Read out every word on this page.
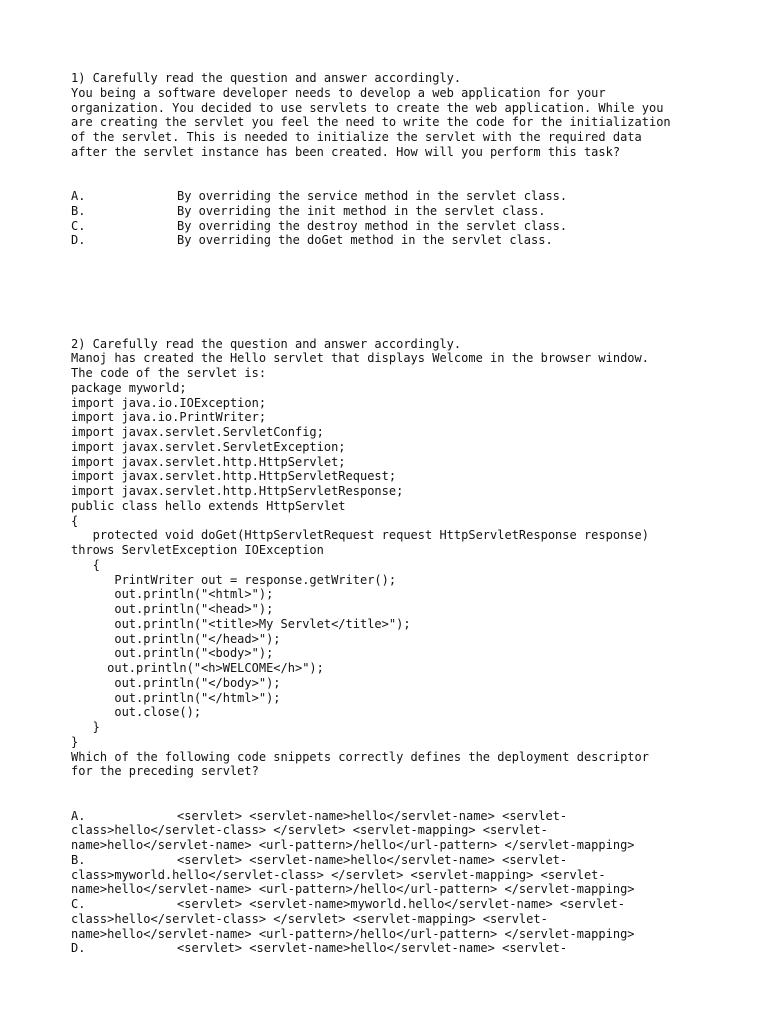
1) Carefully read the question and answer accordingly.
You being a software developer needs to develop a web application for your
organization. You decided to use servlets to create the web application. While you
are creating the servlet you feel the need to write the code for the initialization
of the servlet. This is needed to initialize the servlet with the required data
after the servlet instance has been created. How will you perform this task?
A.	By overriding the service method in the servlet class.
B.	By overriding the init method in the servlet class.
C.	By overriding the destroy method in the servlet class.
D.	By overriding the doGet method in the servlet class.
2) Carefully read the question and answer accordingly.
Manoj has created the Hello servlet that displays Welcome in the browser window.
The code of the servlet is:
package myworld;
import java.io.IOException;
import java.io.PrintWriter;
import javax.servlet.ServletConfig;
import javax.servlet.ServletException;
import javax.servlet.http.HttpServlet;
import javax.servlet.http.HttpServletRequest;
import javax.servlet.http.HttpServletResponse;
public class hello extends HttpServlet
{
protected void doGet(HttpServletRequest request HttpServletResponse response)
throws ServletException IOException
{
PrintWriter out = response.getWriter();
out.println("<html>");
out.println("<head>");
out.println("<title>My Servlet</title>");
out.println("</head>");
out.println("<body>");
out.println("<h>WELCOME</h>");
out.println("</body>");
out.println("</html>");
out.close();
}
}
Which of the following code snippets correctly defines the deployment descriptor
for the preceding servlet?
A.	<servlet> <servlet-name>hello</servlet-name> <servlet-
class>hello</servlet-class> </servlet> <servlet-mapping> <servlet-
name>hello</servlet-name> <url-pattern>/hello</url-pattern> </servlet-mapping>
B.	<servlet> <servlet-name>hello</servlet-name> <servlet-
class>myworld.hello</servlet-class> </servlet> <servlet-mapping> <servlet-
name>hello</servlet-name> <url-pattern>/hello</url-pattern> </servlet-mapping>
C.	<servlet> <servlet-name>myworld.hello</servlet-name> <servlet-
class>hello</servlet-class> </servlet> <servlet-mapping> <servlet-
name>hello</servlet-name> <url-pattern>/hello</url-pattern> </servlet-mapping>
D.	<servlet> <servlet-name>hello</servlet-name> <servlet-
